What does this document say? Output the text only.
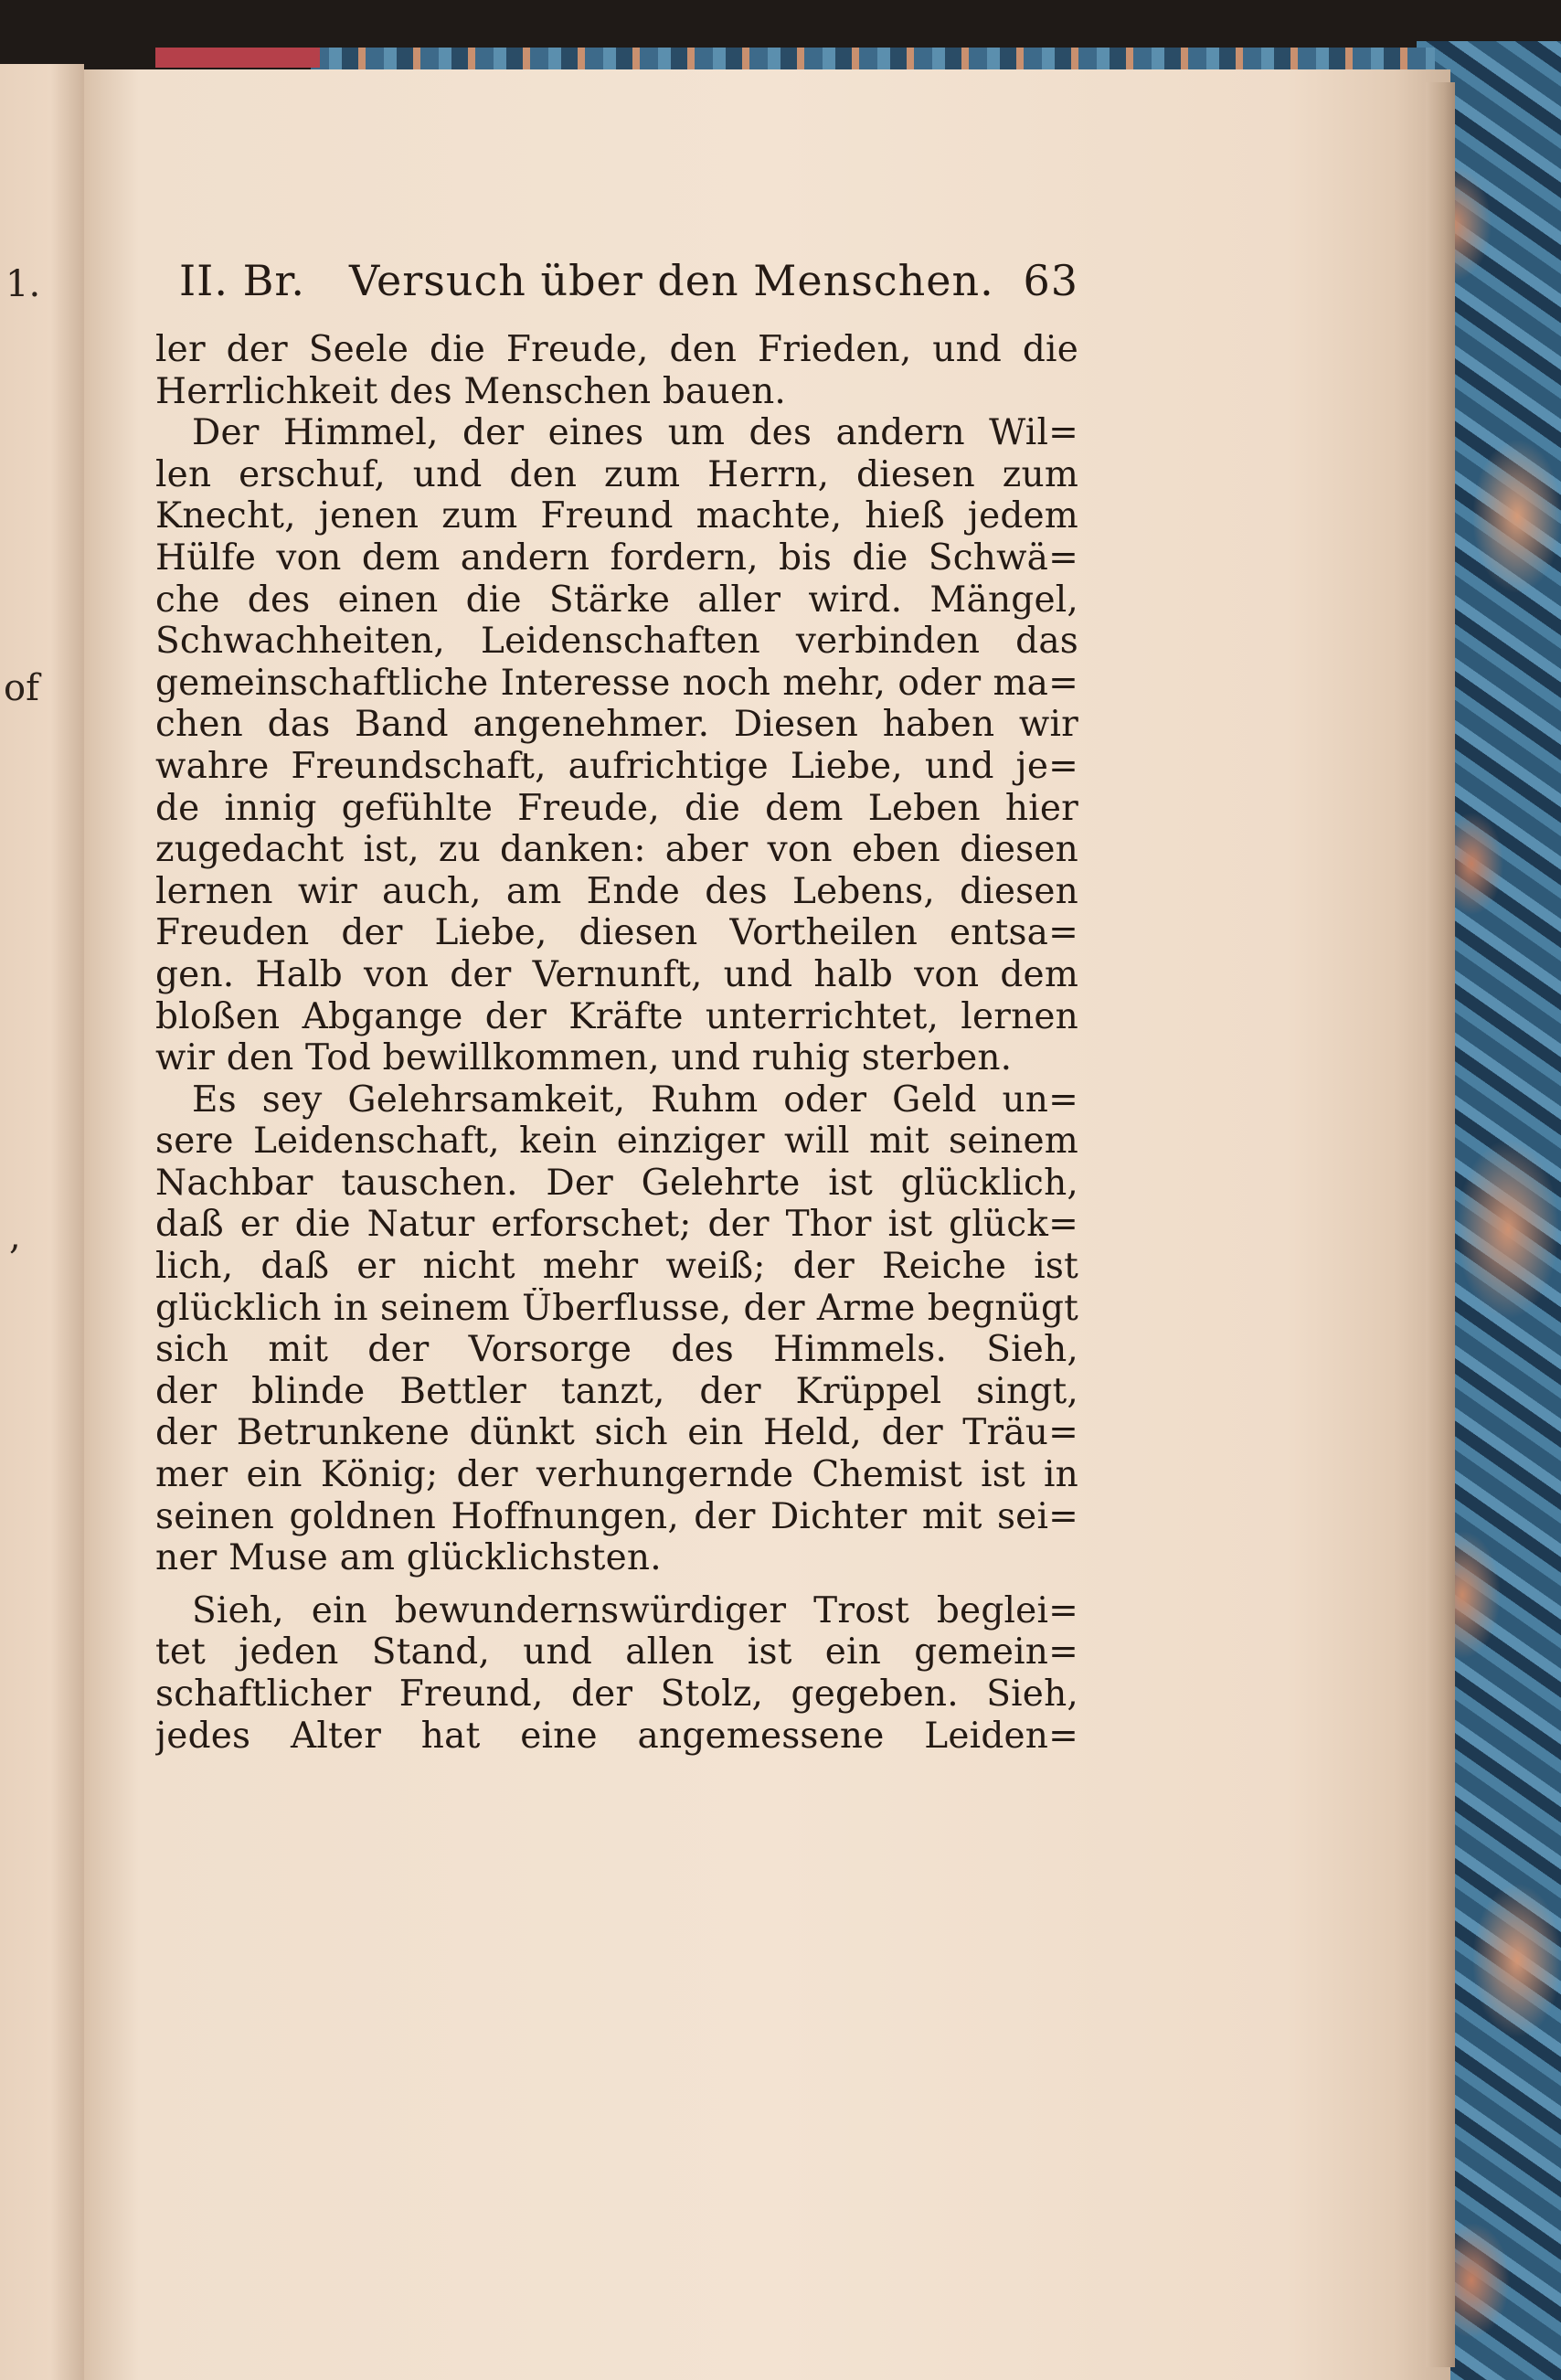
1.
of
,
II. Br. Versuch über den Menschen. 63
ler der Seele die Freude, den Frieden, und die
Herrlichkeit des Menschen bauen.
Der Himmel, der eines um des andern Wil=
len erschuf, und den zum Herrn, diesen zum
Knecht, jenen zum Freund machte, hieß jedem
Hülfe von dem andern fordern, bis die Schwä=
che des einen die Stärke aller wird. Mängel,
Schwachheiten, Leidenschaften verbinden das
gemeinschaftliche Interesse noch mehr, oder ma=
chen das Band angenehmer. Diesen haben wir
wahre Freundschaft, aufrichtige Liebe, und je=
de innig gefühlte Freude, die dem Leben hier
zugedacht ist, zu danken: aber von eben diesen
lernen wir auch, am Ende des Lebens, diesen
Freuden der Liebe, diesen Vortheilen entsa=
gen. Halb von der Vernunft, und halb von dem
bloßen Abgange der Kräfte unterrichtet, lernen
wir den Tod bewillkommen, und ruhig sterben.
Es sey Gelehrsamkeit, Ruhm oder Geld un=
sere Leidenschaft, kein einziger will mit seinem
Nachbar tauschen. Der Gelehrte ist glücklich,
daß er die Natur erforschet; der Thor ist glück=
lich, daß er nicht mehr weiß; der Reiche ist
glücklich in seinem Überflusse, der Arme begnügt
sich mit der Vorsorge des Himmels. Sieh,
der blinde Bettler tanzt, der Krüppel singt,
der Betrunkene dünkt sich ein Held, der Träu=
mer ein König; der verhungernde Chemist ist in
seinen goldnen Hoffnungen, der Dichter mit sei=
ner Muse am glücklichsten.
Sieh, ein bewundernswürdiger Trost beglei=
tet jeden Stand, und allen ist ein gemein=
schaftlicher Freund, der Stolz, gegeben. Sieh,
jedes Alter hat eine angemessene Leiden=
